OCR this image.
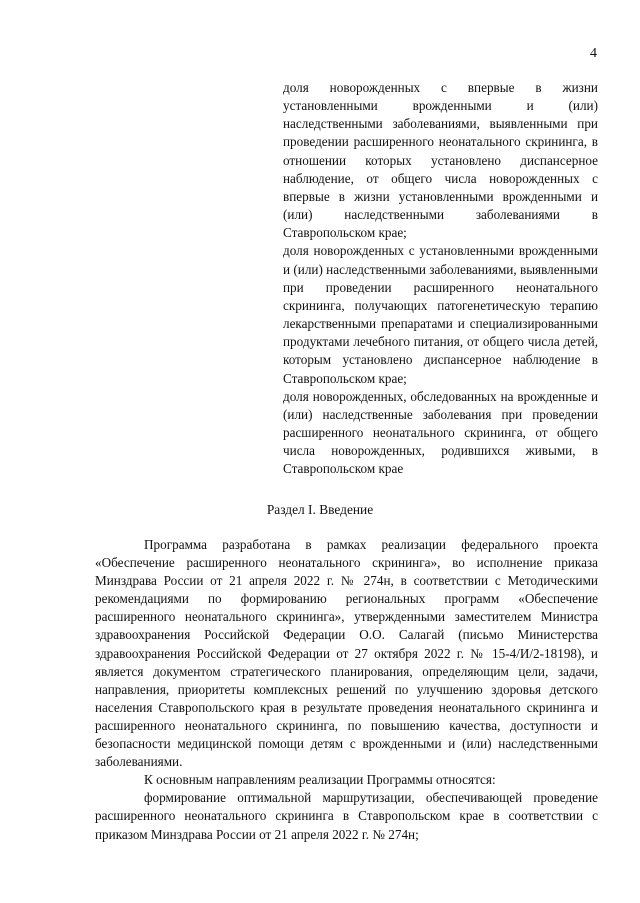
4
доля новорожденных с впервые в жизни установленными врожденными и (или) наследственными заболеваниями, выявленными при проведении расширенного неонатального скрининга, в отношении которых установлено диспансерное наблюдение, от общего числа новорожденных с впервые в жизни установленными врожденными и (или) наследственными заболеваниями в Ставропольском крае;
доля новорожденных с установленными врожденными и (или) наследственными заболеваниями, выявленными при проведении расширенного неонатального скрининга, получающих патогенетическую терапию лекарственными препаратами и специализированными продуктами лечебного питания, от общего числа детей, которым установлено диспансерное наблюдение в Ставропольском крае;
доля новорожденных, обследованных на врожденные и (или) наследственные заболевания при проведении расширенного неонатального скрининга, от общего числа новорожденных, родившихся живыми, в Ставропольском крае
Раздел I. Введение
Программа разработана в рамках реализации федерального проекта «Обеспечение расширенного неонатального скрининга», во исполнение приказа Минздрава России от 21 апреля 2022 г. № 274н, в соответствии с Методическими рекомендациями по формированию региональных программ «Обеспечение расширенного неонатального скрининга», утвержденными заместителем Министра здравоохранения Российской Федерации О.О. Салагай (письмо Министерства здравоохранения Российской Федерации от 27 октября 2022 г. № 15-4/И/2-18198), и является документом стратегического планирования, определяющим цели, задачи, направления, приоритеты комплексных решений по улучшению здоровья детского населения Ставропольского края в результате проведения неонатального скрининга и расширенного неонатального скрининга, по повышению качества, доступности и безопасности медицинской помощи детям с врожденными и (или) наследственными заболеваниями.
К основным направлениям реализации Программы относятся:
формирование оптимальной маршрутизации, обеспечивающей проведение расширенного неонатального скрининга в Ставропольском крае в соответствии с приказом Минздрава России от 21 апреля 2022 г. № 274н;
